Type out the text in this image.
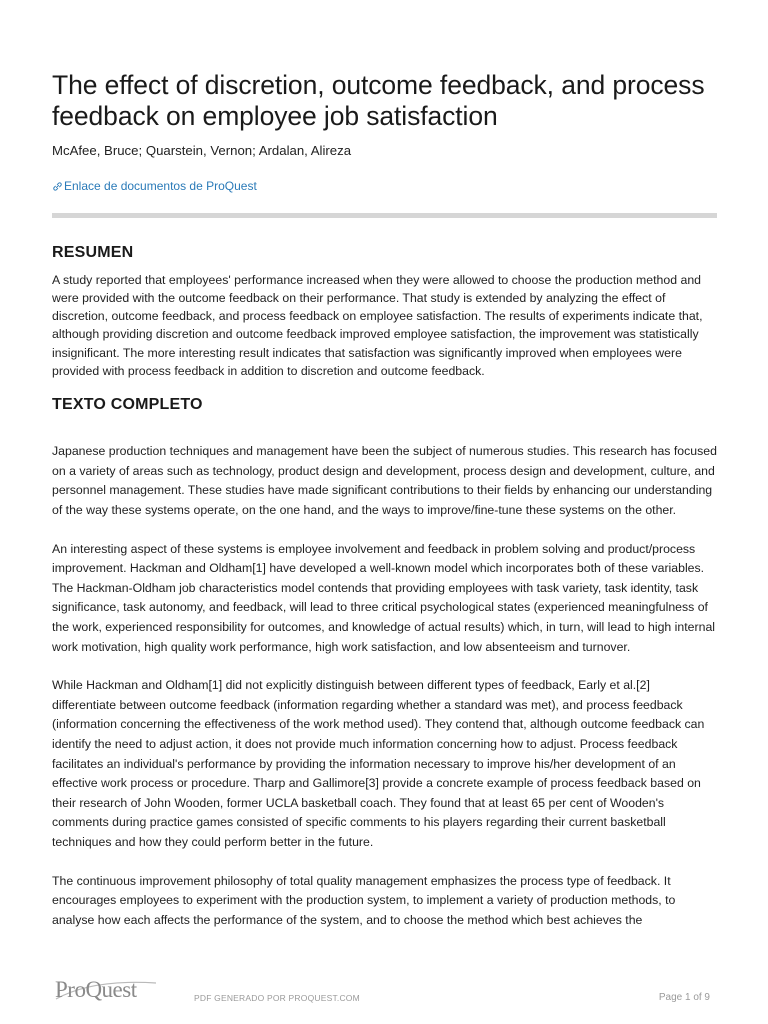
The effect of discretion, outcome feedback, and process feedback on employee job satisfaction
McAfee, Bruce; Quarstein, Vernon; Ardalan, Alireza
Enlace de documentos de ProQuest
RESUMEN

A study reported that employees' performance increased when they were allowed to choose the production method and were provided with the outcome feedback on their performance. That study is extended by analyzing the effect of discretion, outcome feedback, and process feedback on employee satisfaction. The results of experiments indicate that, although providing discretion and outcome feedback improved employee satisfaction, the improvement was statistically insignificant. The more interesting result indicates that satisfaction was significantly improved when employees were provided with process feedback in addition to discretion and outcome feedback.

TEXTO COMPLETO

Japanese production techniques and management have been the subject of numerous studies. This research has focused on a variety of areas such as technology, product design and development, process design and development, culture, and personnel management. These studies have made significant contributions to their fields by enhancing our understanding of the way these systems operate, on the one hand, and the ways to improve/fine-tune these systems on the other.

An interesting aspect of these systems is employee involvement and feedback in problem solving and product/process improvement. Hackman and Oldham[1] have developed a well-known model which incorporates both of these variables. The Hackman-Oldham job characteristics model contends that providing employees with task variety, task identity, task significance, task autonomy, and feedback, will lead to three critical psychological states (experienced meaningfulness of the work, experienced responsibility for outcomes, and knowledge of actual results) which, in turn, will lead to high internal work motivation, high quality work performance, high work satisfaction, and low absenteeism and turnover.

While Hackman and Oldham[1] did not explicitly distinguish between different types of feedback, Early et al.[2] differentiate between outcome feedback (information regarding whether a standard was met), and process feedback (information concerning the effectiveness of the work method used). They contend that, although outcome feedback can identify the need to adjust action, it does not provide much information concerning how to adjust. Process feedback facilitates an individual's performance by providing the information necessary to improve his/her development of an effective work process or procedure. Tharp and Gallimore[3] provide a concrete example of process feedback based on their research of John Wooden, former UCLA basketball coach. They found that at least 65 per cent of Wooden's comments during practice games consisted of specific comments to his players regarding their current basketball techniques and how they could perform better in the future.

The continuous improvement philosophy of total quality management emphasizes the process type of feedback. It encourages employees to experiment with the production system, to implement a variety of production methods, to analyse how each affects the performance of the system, and to choose the method which best achieves the

ProQuest	PDF GENERADO POR PROQUEST.COM	Page 1 of 9
